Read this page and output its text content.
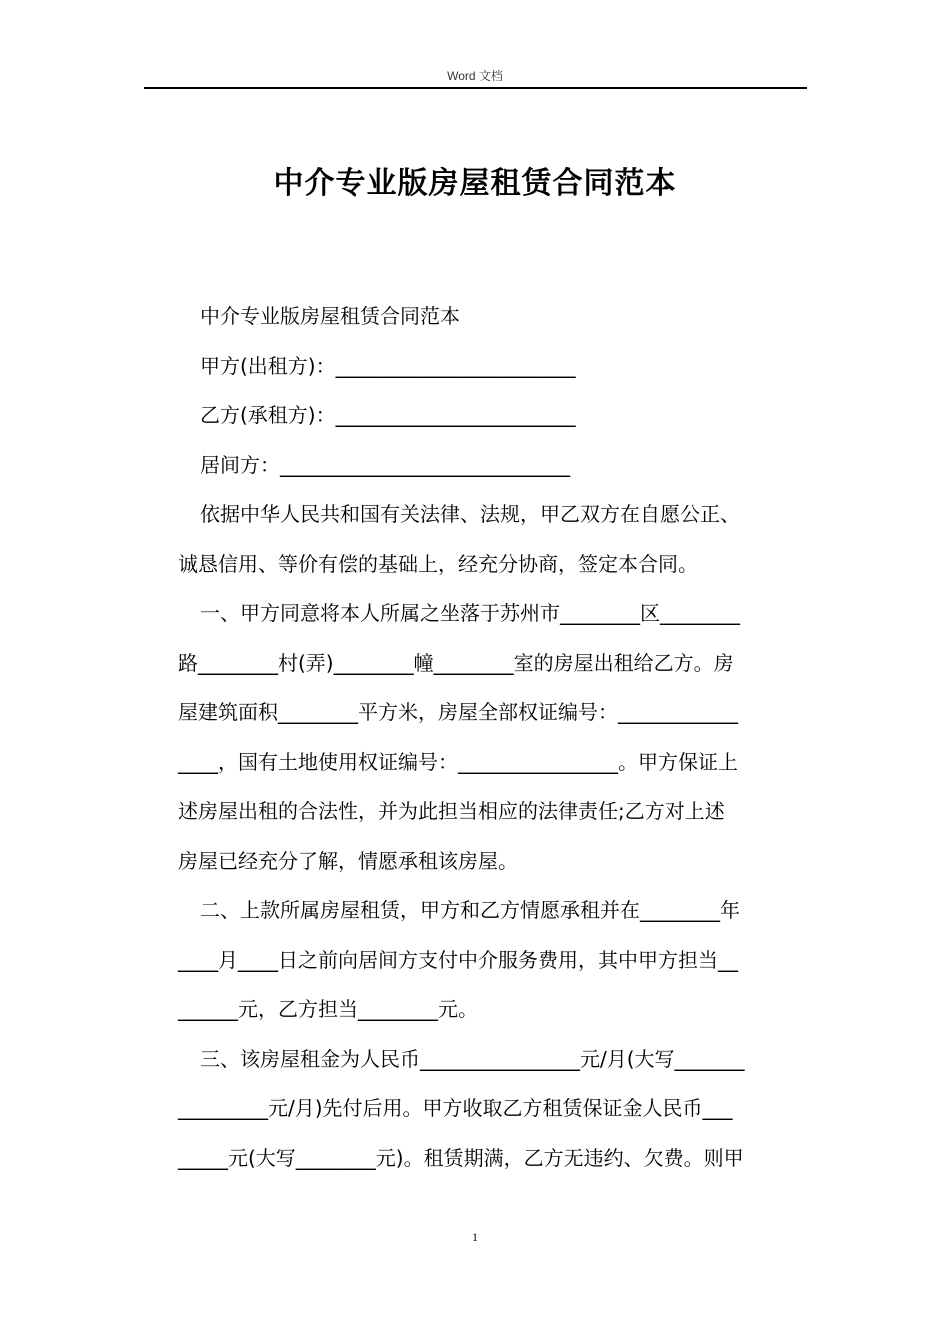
Word 文档
中介专业版房屋租赁合同范本
中介专业版房屋租赁合同范本
甲方(出租方)：________________________
乙方(承租方)：________________________
居间方：_____________________________
依据中华人民共和国有关法律、法规，甲乙双方在自愿公正、
诚恳信用、等价有偿的基础上，经充分协商，签定本合同。
一、甲方同意将本人所属之坐落于苏州市________区________
路________村(弄)________幢________室的房屋出租给乙方。房
屋建筑面积________平方米，房屋全部权证编号：____________
____，国有土地使用权证编号：________________。甲方保证上
述房屋出租的合法性，并为此担当相应的法律责任;乙方对上述
房屋已经充分了解，情愿承租该房屋。
二、上款所属房屋租赁，甲方和乙方情愿承租并在________年
____月____日之前向居间方支付中介服务费用，其中甲方担当__
______元，乙方担当________元。
三、该房屋租金为人民币________________元/月(大写_______
_________元/月)先付后用。甲方收取乙方租赁保证金人民币___
_____元(大写________元)。租赁期满，乙方无违约、欠费。则甲
1
